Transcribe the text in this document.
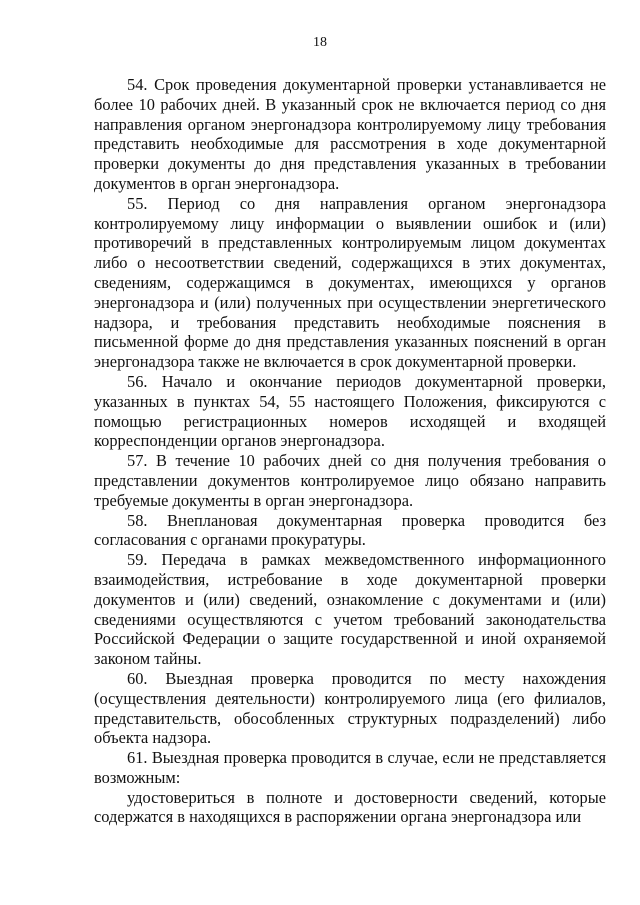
18

54. Срок проведения документарной проверки устанавливается не более 10 рабочих дней. В указанный срок не включается период со дня направления органом энергонадзора контролируемому лицу требования представить необходимые для рассмотрения в ходе документарной проверки документы до дня представления указанных в требовании документов в орган энергонадзора.

55. Период со дня направления органом энергонадзора контролируемому лицу информации о выявлении ошибок и (или) противоречий в представленных контролируемым лицом документах либо о несоответствии сведений, содержащихся в этих документах, сведениям, содержащимся в документах, имеющихся у органов энергонадзора и (или) полученных при осуществлении энергетического надзора, и требования представить необходимые пояснения в письменной форме до дня представления указанных пояснений в орган энергонадзора также не включается в срок документарной проверки.

56. Начало и окончание периодов документарной проверки, указанных в пунктах 54, 55 настоящего Положения, фиксируются с помощью регистрационных номеров исходящей и входящей корреспонденции органов энергонадзора.

57. В течение 10 рабочих дней со дня получения требования о представлении документов контролируемое лицо обязано направить требуемые документы в орган энергонадзора.

58. Внеплановая документарная проверка проводится без согласования с органами прокуратуры.

59. Передача в рамках межведомственного информационного взаимодействия, истребование в ходе документарной проверки документов и (или) сведений, ознакомление с документами и (или) сведениями осуществляются с учетом требований законодательства Российской Федерации о защите государственной и иной охраняемой законом тайны.

60. Выездная проверка проводится по месту нахождения (осуществления деятельности) контролируемого лица (его филиалов, представительств, обособленных структурных подразделений) либо объекта надзора.

61. Выездная проверка проводится в случае, если не представляется возможным:

удостовериться в полноте и достоверности сведений, которые содержатся в находящихся в распоряжении органа энергонадзора или
